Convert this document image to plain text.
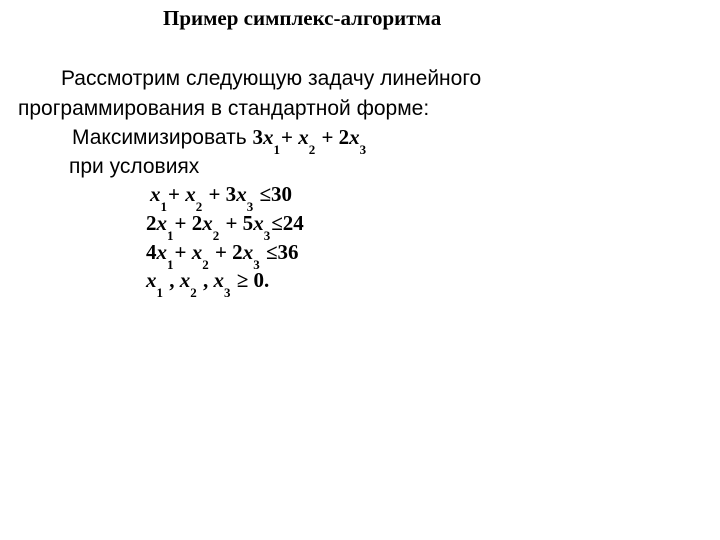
Пример симплекс-алгоритма
Рассмотрим следующую задачу линейного
программирования в стандартной форме:
Максимизировать $3x_1+ x_2 + 2x_3$
при условиях
$x_1+ x_2 + 3x_3 \le 30$
$2x_1+ 2x_2 + 5x_3\le 24$
$4x_1+ x_2 + 2x_3 \le 36$
$x_1$ , $x_2$ , $x_3 \ge 0$.
